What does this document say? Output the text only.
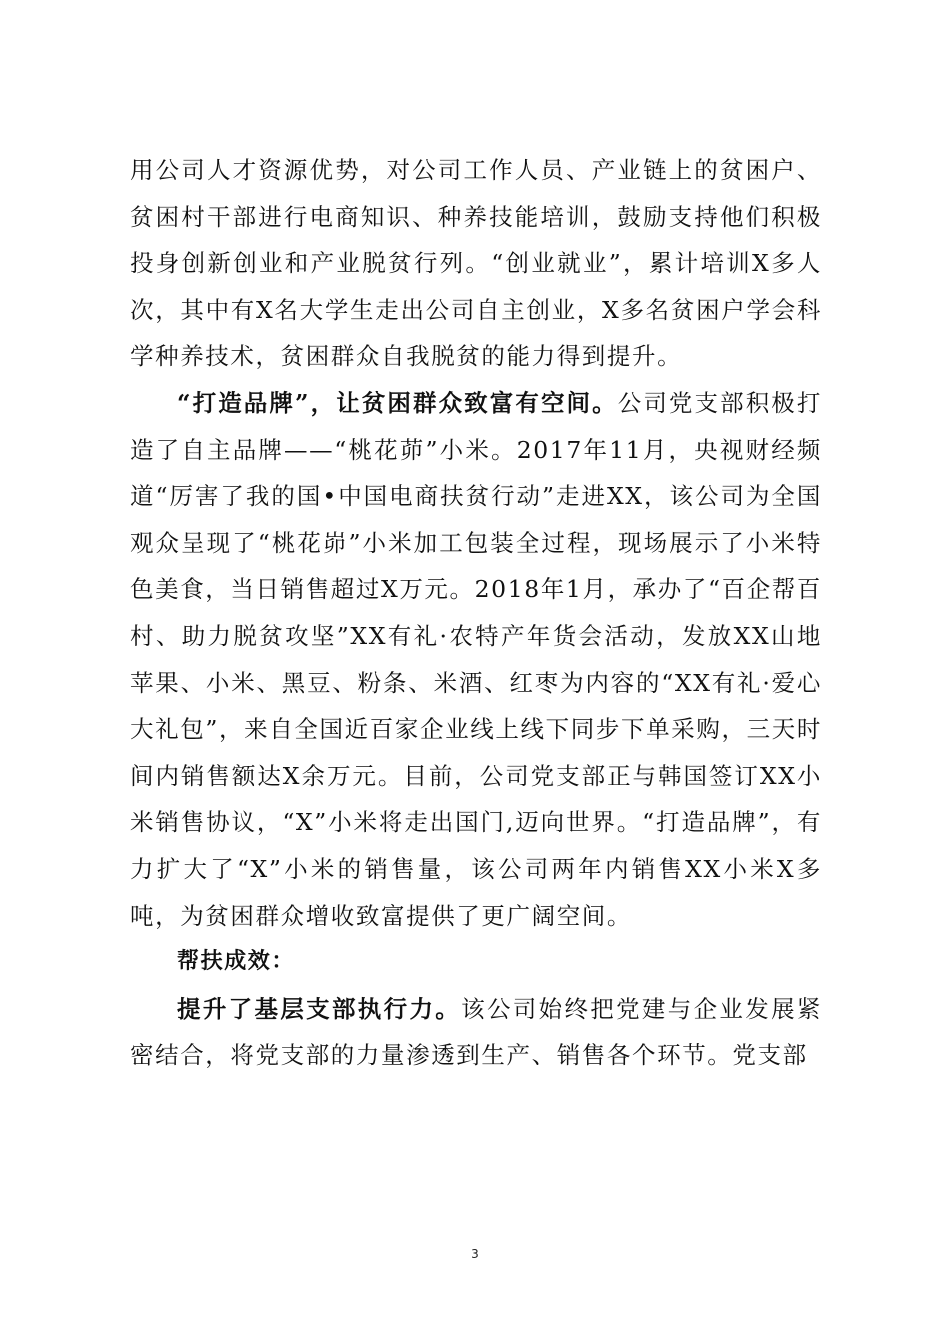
用公司人才资源优势，对公司工作人员、产业链上的贫困户、贫困村干部进行电商知识、种养技能培训，鼓励支持他们积极投身创新创业和产业脱贫行列。“创业就业”，累计培训X多人次，其中有X名大学生走出公司自主创业，X多名贫困户学会科学种养技术，贫困群众自我脱贫的能力得到提升。

“打造品牌”，让贫困群众致富有空间。公司党支部积极打造了自主品牌——“桃花茆”小米。2017年11月，央视财经频道“厉害了我的国•中国电商扶贫行动”走进XX，该公司为全国观众呈现了“桃花峁”小米加工包装全过程，现场展示了小米特色美食，当日销售超过X万元。2018年1月，承办了“百企帮百村、助力脱贫攻坚”XX有礼·农特产年货会活动，发放XX山地苹果、小米、黑豆、粉条、米酒、红枣为内容的“XX有礼·爱心大礼包”，来自全国近百家企业线上线下同步下单采购，三天时间内销售额达X余万元。目前，公司党支部正与韩国签订XX小米销售协议，“X”小米将走出国门,迈向世界。“打造品牌”，有力扩大了“X”小米的销售量，该公司两年内销售XX小米X多吨，为贫困群众增收致富提供了更广阔空间。

帮扶成效：

提升了基层支部执行力。该公司始终把党建与企业发展紧密结合，将党支部的力量渗透到生产、销售各个环节。党支部

3
